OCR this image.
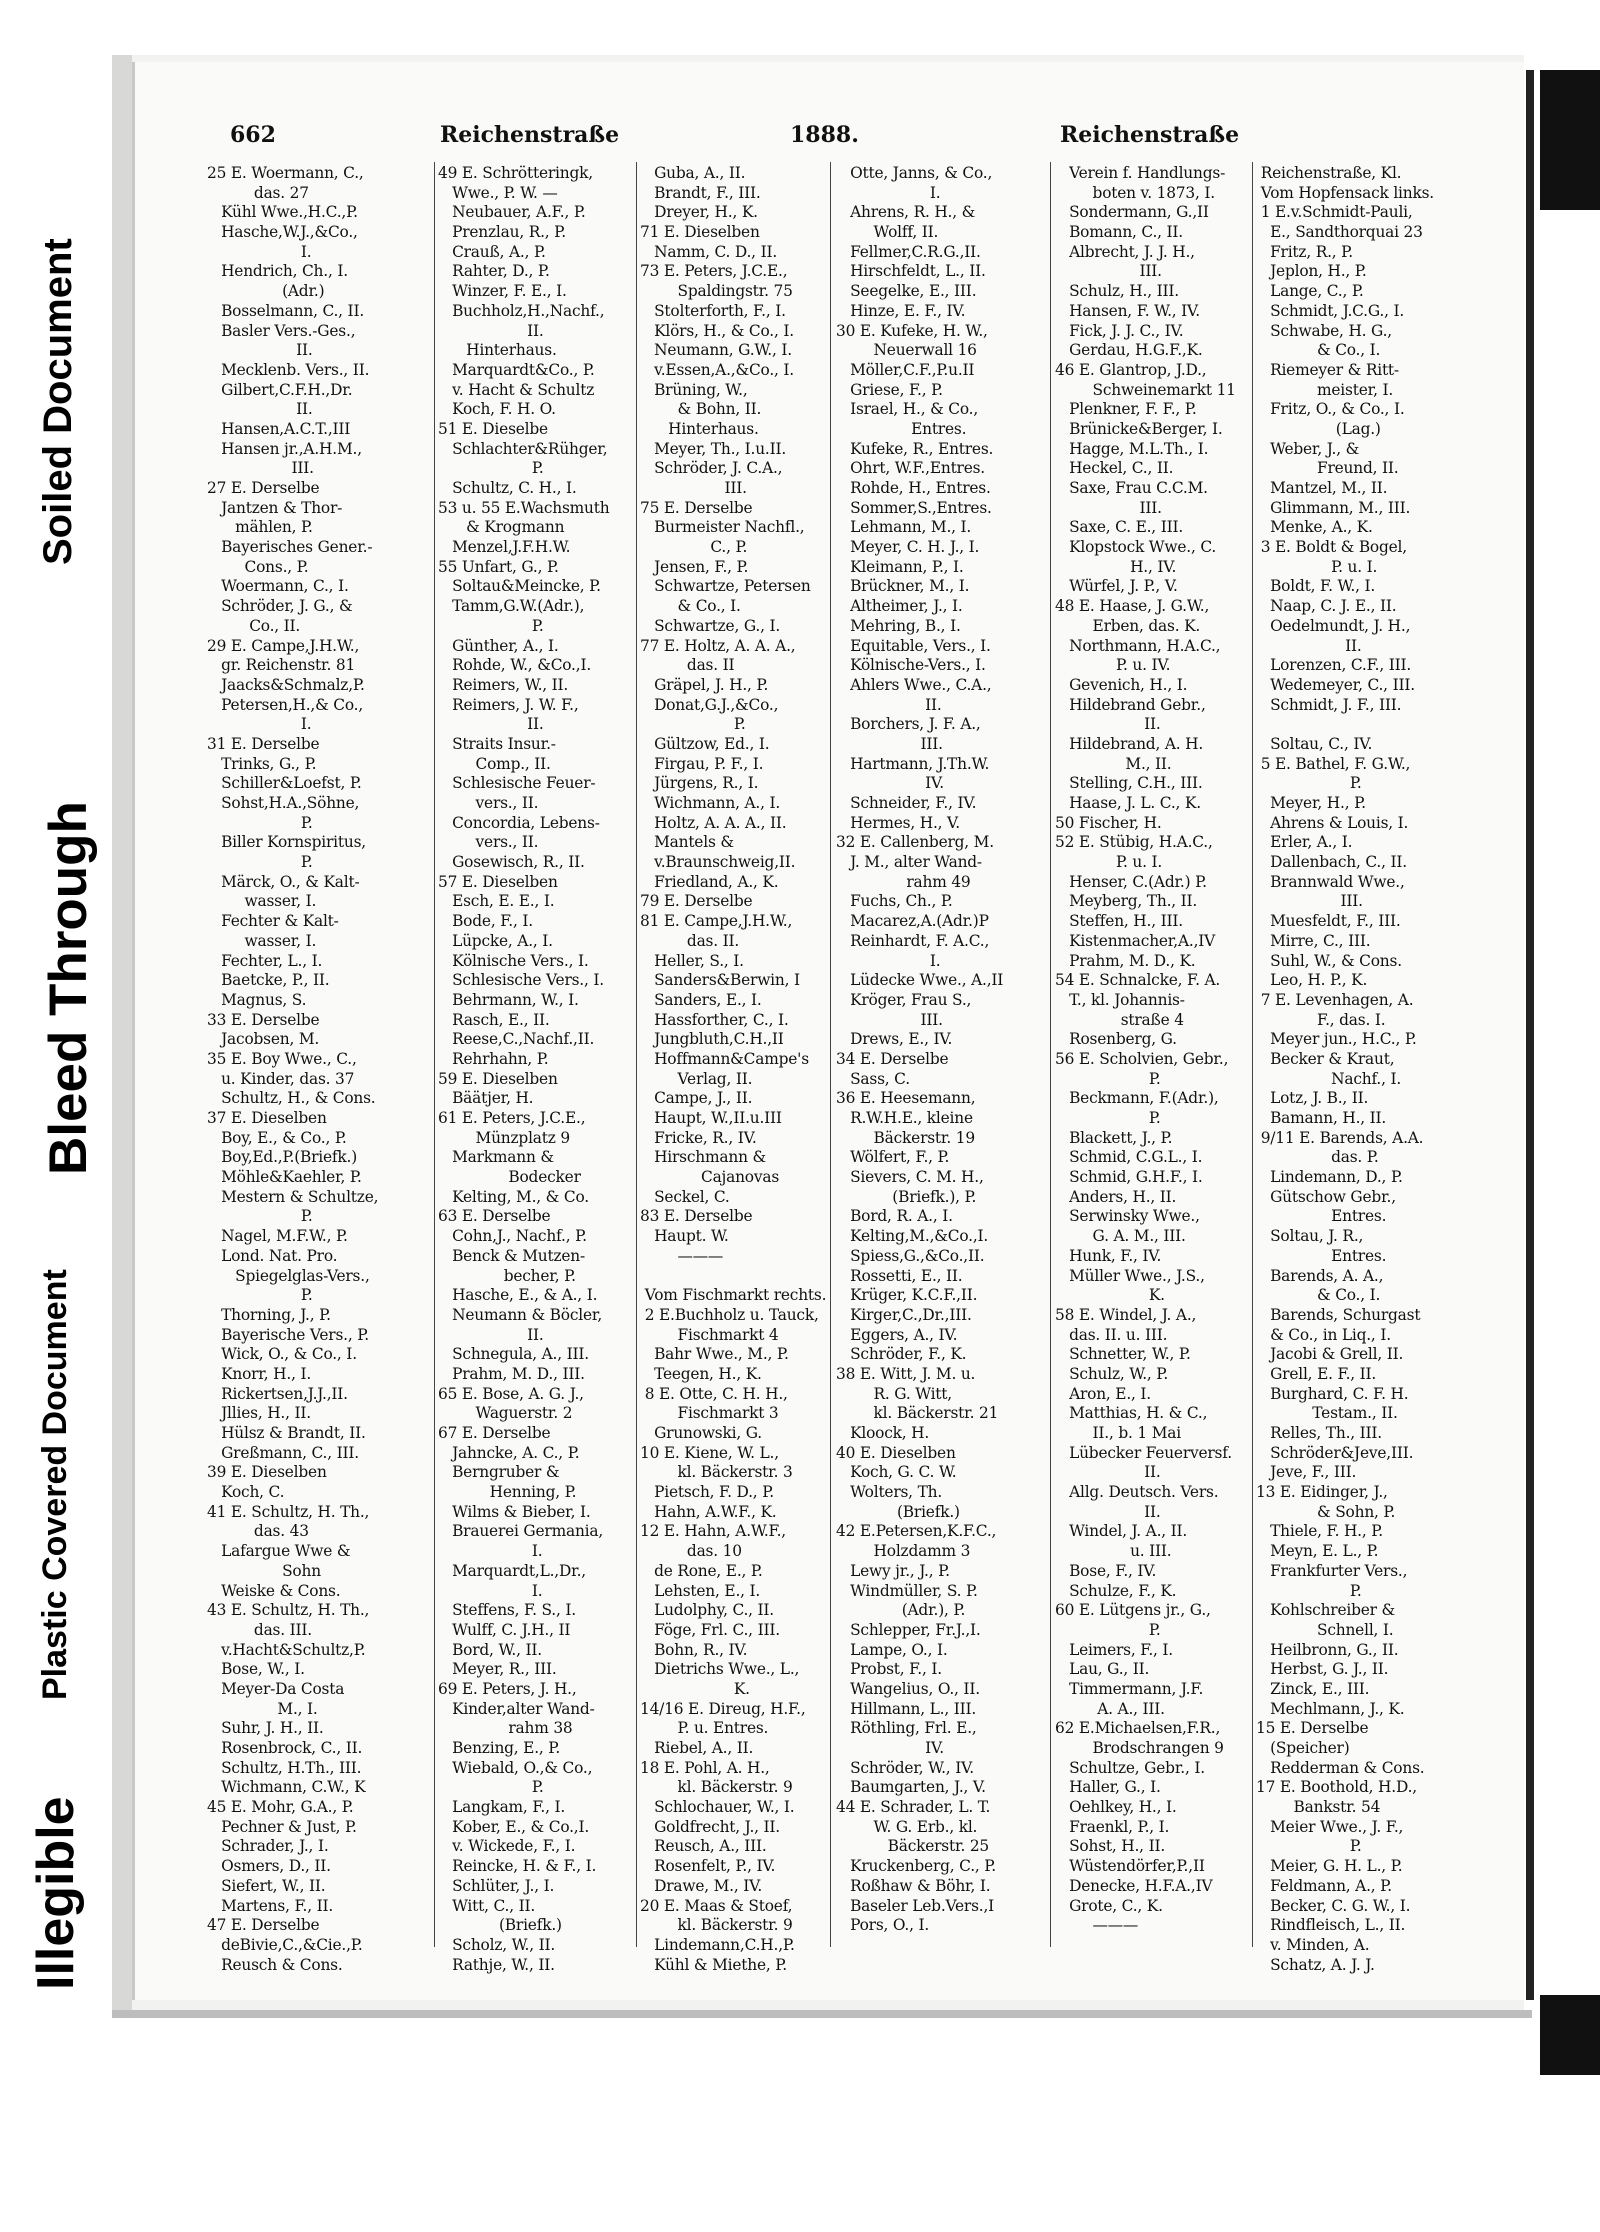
Illegible
Plastic Covered Document
Bleed Through
Soiled Document
662	Reichenstraße	1888.	Reichenstraße
25 E. Woermann, C.,
das. 27
Kühl Wwe.,H.C.,P.
Hasche,W.J.,&Co.,
I.
Hendrich, Ch., I.
(Adr.)
Bosselmann, C., II.
Basler Vers.-Ges.,
II.
Mecklenb. Vers., II.
Gilbert,C.F.H.,Dr.
II.
Hansen,A.C.T.,III
Hansen jr.,A.H.M.,
III.
27 E. Derselbe
Jantzen & Thor-
mählen, P.
Bayerisches Gener.-
Cons., P.
Woermann, C., I.
Schröder, J. G., &
Co., II.
29 E. Campe,J.H.W.,
gr. Reichenstr. 81
Jaacks&Schmalz,P.
Petersen,H.,& Co.,
I.
31 E. Derselbe
Trinks, G., P.
Schiller&Loefst, P.
Sohst,H.A.,Söhne,
P.
Biller Kornspiritus,
P.
Märck, O., & Kalt-
wasser, I.
Fechter & Kalt-
wasser, I.
Fechter, L., I.
Baetcke, P., II.
Magnus, S.
33 E. Derselbe
Jacobsen, M.
35 E. Boy Wwe., C.,
u. Kinder, das. 37
Schultz, H., & Cons.
37 E. Dieselben
Boy, E., & Co., P.
Boy,Ed.,P.(Briefk.)
Möhle&Kaehler, P.
Mestern & Schultze,
P.
Nagel, M.F.W., P.
Lond. Nat. Pro.
Spiegelglas-Vers.,
P.
Thorning, J., P.
Bayerische Vers., P.
Wick, O., & Co., I.
Knorr, H., I.
Rickertsen,J.J.,II.
Jllies, H., II.
Hülsz & Brandt, II.
Greßmann, C., III.
39 E. Dieselben
Koch, C.
41 E. Schultz, H. Th.,
das. 43
Lafargue Wwe &
Sohn
Weiske & Cons.
43 E. Schultz, H. Th.,
das. III.
v.Hacht&Schultz,P.
Bose, W., I.
Meyer-Da Costa
M., I.
Suhr, J. H., II.
Rosenbrock, C., II.
Schultz, H.Th., III.
Wichmann, C.W., K
45 E. Mohr, G.A., P.
Pechner & Just, P.
Schrader, J., I.
Osmers, D., II.
Siefert, W., II.
Martens, F., II.
47 E. Derselbe
deBivie,C.,&Cie.,P.
Reusch & Cons.
49 E. Schrötteringk,
Wwe., P. W. —
Neubauer, A.F., P.
Prenzlau, R., P.
Crauß, A., P.
Rahter, D., P.
Winzer, F. E., I.
Buchholz,H.,Nachf.,
II.
Hinterhaus.
Marquardt&Co., P.
v. Hacht & Schultz
Koch, F. H. O.
51 E. Dieselbe
Schlachter&Rühger,
P.
Schultz, C. H., I.
53 u. 55 E.Wachsmuth
& Krogmann
Menzel,J.F.H.W.
55 Unfart, G., P.
Soltau&Meincke, P.
Tamm,G.W.(Adr.),
P.
Günther, A., I.
Rohde, W., &Co.,I.
Reimers, W., II.
Reimers, J. W. F.,
II.
Straits Insur.-
Comp., II.
Schlesische Feuer-
vers., II.
Concordia, Lebens-
vers., II.
Gosewisch, R., II.
57 E. Dieselben
Esch, E. E., I.
Bode, F., I.
Lüpcke, A., I.
Kölnische Vers., I.
Schlesische Vers., I.
Behrmann, W., I.
Rasch, E., II.
Reese,C.,Nachf.,II.
Rehrhahn, P.
59 E. Dieselben
Bäätjer, H.
61 E. Peters, J.C.E.,
Münzplatz 9
Markmann &
Bodecker
Kelting, M., & Co.
63 E. Derselbe
Cohn,J., Nachf., P.
Benck & Mutzen-
becher, P.
Hasche, E., & A., I.
Neumann & Böcler,
II.
Schnegula, A., III.
Prahm, M. D., III.
65 E. Bose, A. G. J.,
Waguerstr. 2
67 E. Derselbe
Jahncke, A. C., P.
Berngruber &
Henning, P.
Wilms & Bieber, I.
Brauerei Germania,
I.
Marquardt,L.,Dr.,
I.
Steffens, F. S., I.
Wulff, C. J.H., II
Bord, W., II.
Meyer, R., III.
69 E. Peters, J. H.,
Kinder,alter Wand-
rahm 38
Benzing, E., P.
Wiebald, O.,& Co.,
P.
Langkam, F., I.
Kober, E., & Co.,I.
v. Wickede, F., I.
Reincke, H. & F., I.
Schlüter, J., I.
Witt, C., II.
(Briefk.)
Scholz, W., II.
Rathje, W., II.
Guba, A., II.
Brandt, F., III.
Dreyer, H., K.
71 E. Dieselben
Namm, C. D., II.
73 E. Peters, J.C.E.,
Spaldingstr. 75
Stolterforth, F., I.
Klörs, H., & Co., I.
Neumann, G.W., I.
v.Essen,A.,&Co., I.
Brüning, W.,
& Bohn, II.
Hinterhaus.
Meyer, Th., I.u.II.
Schröder, J. C.A.,
III.
75 E. Derselbe
Burmeister Nachfl.,
C., P.
Jensen, F., P.
Schwartze, Petersen
& Co., I.
Schwartze, G., I.
77 E. Holtz, A. A. A.,
das. II
Gräpel, J. H., P.
Donat,G.J.,&Co.,
P.
Gültzow, Ed., I.
Firgau, P. F., I.
Jürgens, R., I.
Wichmann, A., I.
Holtz, A. A. A., II.
Mantels &
v.Braunschweig,II.
Friedland, A., K.
79 E. Derselbe
81 E. Campe,J.H.W.,
das. II.
Heller, S., I.
Sanders&Berwin, I
Sanders, E., I.
Hassforther, C., I.
Jungbluth,C.H.,II
Hoffmann&Campe's
Verlag, II.
Campe, J., II.
Haupt, W.,II.u.III
Fricke, R., IV.
Hirschmann &
Cajanovas
Seckel, C.
83 E. Derselbe
Haupt. W.
———
Vom Fischmarkt rechts.
2 E.Buchholz u. Tauck,
Fischmarkt 4
Bahr Wwe., M., P.
Teegen, H., K.
8 E. Otte, C. H. H.,
Fischmarkt 3
Grunowski, G.
10 E. Kiene, W. L.,
kl. Bäckerstr. 3
Pietsch, F. D., P.
Hahn, A.W.F., K.
12 E. Hahn, A.W.F.,
das. 10
de Rone, E., P.
Lehsten, E., I.
Ludolphy, C., II.
Föge, Frl. C., III.
Bohn, R., IV.
Dietrichs Wwe., L.,
K.
14/16 E. Direug, H.F.,
P. u. Entres.
Riebel, A., II.
18 E. Pohl, A. H.,
kl. Bäckerstr. 9
Schlochauer, W., I.
Goldfrecht, J., II.
Reusch, A., III.
Rosenfelt, P., IV.
Drawe, M., IV.
20 E. Maas & Stoef,
kl. Bäckerstr. 9
Lindemann,C.H.,P.
Kühl & Miethe, P.
Otte, Janns, & Co.,
I.
Ahrens, R. H., &
Wolff, II.
Fellmer,C.R.G.,II.
Hirschfeldt, L., II.
Seegelke, E., III.
Hinze, E. F., IV.
30 E. Kufeke, H. W.,
Neuerwall 16
Möller,C.F.,P.u.II
Griese, F., P.
Israel, H., & Co.,
Entres.
Kufeke, R., Entres.
Ohrt, W.F.,Entres.
Rohde, H., Entres.
Sommer,S.,Entres.
Lehmann, M., I.
Meyer, C. H. J., I.
Kleimann, P., I.
Brückner, M., I.
Altheimer, J., I.
Mehring, B., I.
Equitable, Vers., I.
Kölnische-Vers., I.
Ahlers Wwe., C.A.,
II.
Borchers, J. F. A.,
III.
Hartmann, J.Th.W.
IV.
Schneider, F., IV.
Hermes, H., V.
32 E. Callenberg, M.
J. M., alter Wand-
rahm 49
Fuchs, Ch., P.
Macarez,A.(Adr.)P
Reinhardt, F. A.C.,
I.
Lüdecke Wwe., A.,II
Kröger, Frau S.,
III.
Drews, E., IV.
34 E. Derselbe
Sass, C.
36 E. Heesemann,
R.W.H.E., kleine
Bäckerstr. 19
Wölfert, F., P.
Sievers, C. M. H.,
(Briefk.), P.
Bord, R. A., I.
Kelting,M.,&Co.,I.
Spiess,G.,&Co.,II.
Rossetti, E., II.
Krüger, K.C.F.,II.
Kirger,C.,Dr.,III.
Eggers, A., IV.
Schröder, F., K.
38 E. Witt, J. M. u.
R. G. Witt,
kl. Bäckerstr. 21
Kloock, H.
40 E. Dieselben
Koch, G. C. W.
Wolters, Th.
(Briefk.)
42 E.Petersen,K.F.C.,
Holzdamm 3
Lewy jr., J., P.
Windmüller, S. P.
(Adr.), P.
Schlepper, Fr.J.,I.
Lampe, O., I.
Probst, F., I.
Wangelius, O., II.
Hillmann, L., III.
Röthling, Frl. E.,
IV.
Schröder, W., IV.
Baumgarten, J., V.
44 E. Schrader, L. T.
W. G. Erb., kl.
Bäckerstr. 25
Kruckenberg, C., P.
Roßhaw & Böhr, I.
Baseler Leb.Vers.,I
Pors, O., I.
Verein f. Handlungs-
boten v. 1873, I.
Sondermann, G.,II
Bomann, C., II.
Albrecht, J. J. H.,
III.
Schulz, H., III.
Hansen, F. W., IV.
Fick, J. J. C., IV.
Gerdau, H.G.F.,K.
46 E. Glantrop, J.D.,
Schweinemarkt 11
Plenkner, F. F., P.
Brünicke&Berger, I.
Hagge, M.L.Th., I.
Heckel, C., II.
Saxe, Frau C.C.M.
III.
Saxe, C. E., III.
Klopstock Wwe., C.
H., IV.
Würfel, J. P., V.
48 E. Haase, J. G.W.,
Erben, das. K.
Northmann, H.A.C.,
P. u. IV.
Gevenich, H., I.
Hildebrand Gebr.,
II.
Hildebrand, A. H.
M., II.
Stelling, C.H., III.
Haase, J. L. C., K.
50 Fischer, H.
52 E. Stübig, H.A.C.,
P. u. I.
Henser, C.(Adr.) P.
Meyberg, Th., II.
Steffen, H., III.
Kistenmacher,A.,IV
Prahm, M. D., K.
54 E. Schnalcke, F. A.
T., kl. Johannis-
straße 4
Rosenberg, G.
56 E. Scholvien, Gebr.,
P.
Beckmann, F.(Adr.),
P.
Blackett, J., P.
Schmid, C.G.L., I.
Schmid, G.H.F., I.
Anders, H., II.
Serwinsky Wwe.,
G. A. M., III.
Hunk, F., IV.
Müller Wwe., J.S.,
K.
58 E. Windel, J. A.,
das. II. u. III.
Schnetter, W., P.
Schulz, W., P.
Aron, E., I.
Matthias, H. & C.,
II., b. 1 Mai
Lübecker Feuerversf.
II.
Allg. Deutsch. Vers.
II.
Windel, J. A., II.
u. III.
Bose, F., IV.
Schulze, F., K.
60 E. Lütgens jr., G.,
P.
Leimers, F., I.
Lau, G., II.
Timmermann, J.F.
A. A., III.
62 E.Michaelsen,F.R.,
Brodschrangen 9
Schultze, Gebr., I.
Haller, G., I.
Oehlkey, H., I.
Fraenkl, P., I.
Sohst, H., II.
Wüstendörfer,P.,II
Denecke, H.F.A.,IV
Grote, C., K.
———
Reichenstraße, Kl.
Vom Hopfensack links.
1 E.v.Schmidt-Pauli,
E., Sandthorquai 23
Fritz, R., P.
Jeplon, H., P.
Lange, C., P.
Schmidt, J.C.G., I.
Schwabe, H. G.,
& Co., I.
Riemeyer & Ritt-
meister, I.
Fritz, O., & Co., I.
(Lag.)
Weber, J., &
Freund, II.
Mantzel, M., II.
Glimmann, M., III.
Menke, A., K.
3 E. Boldt & Bogel,
P. u. I.
Boldt, F. W., I.
Naap, C. J. E., II.
Oedelmundt, J. H.,
II.
Lorenzen, C.F., III.
Wedemeyer, C., III.
Schmidt, J. F., III.
Soltau, C., IV.
5 E. Bathel, F. G.W.,
P.
Meyer, H., P.
Ahrens & Louis, I.
Erler, A., I.
Dallenbach, C., II.
Brannwald Wwe.,
III.
Muesfeldt, F., III.
Mirre, C., III.
Suhl, W., & Cons.
Leo, H. P., K.
7 E. Levenhagen, A.
F., das. I.
Meyer jun., H.C., P.
Becker & Kraut,
Nachf., I.
Lotz, J. B., II.
Bamann, H., II.
9/11 E. Barends, A.A.
das. P.
Lindemann, D., P.
Gütschow Gebr.,
Entres.
Soltau, J. R.,
Entres.
Barends, A. A.,
& Co., I.
Barends, Schurgast
& Co., in Liq., I.
Jacobi & Grell, II.
Grell, E. F., II.
Burghard, C. F. H.
Testam., II.
Relles, Th., III.
Schröder&Jeve,III.
Jeve, F., III.
13 E. Eidinger, J.,
& Sohn, P.
Thiele, F. H., P.
Meyn, E. L., P.
Frankfurter Vers.,
P.
Kohlschreiber &
Schnell, I.
Heilbronn, G., II.
Herbst, G. J., II.
Zinck, E., III.
Mechlmann, J., K.
15 E. Derselbe
(Speicher)
Redderman & Cons.
17 E. Boothold, H.D.,
Bankstr. 54
Meier Wwe., J. F.,
P.
Meier, G. H. L., P.
Feldmann, A., P.
Becker, C. G. W., I.
Rindfleisch, L., II.
v. Minden, A.
Schatz, A. J. J.
